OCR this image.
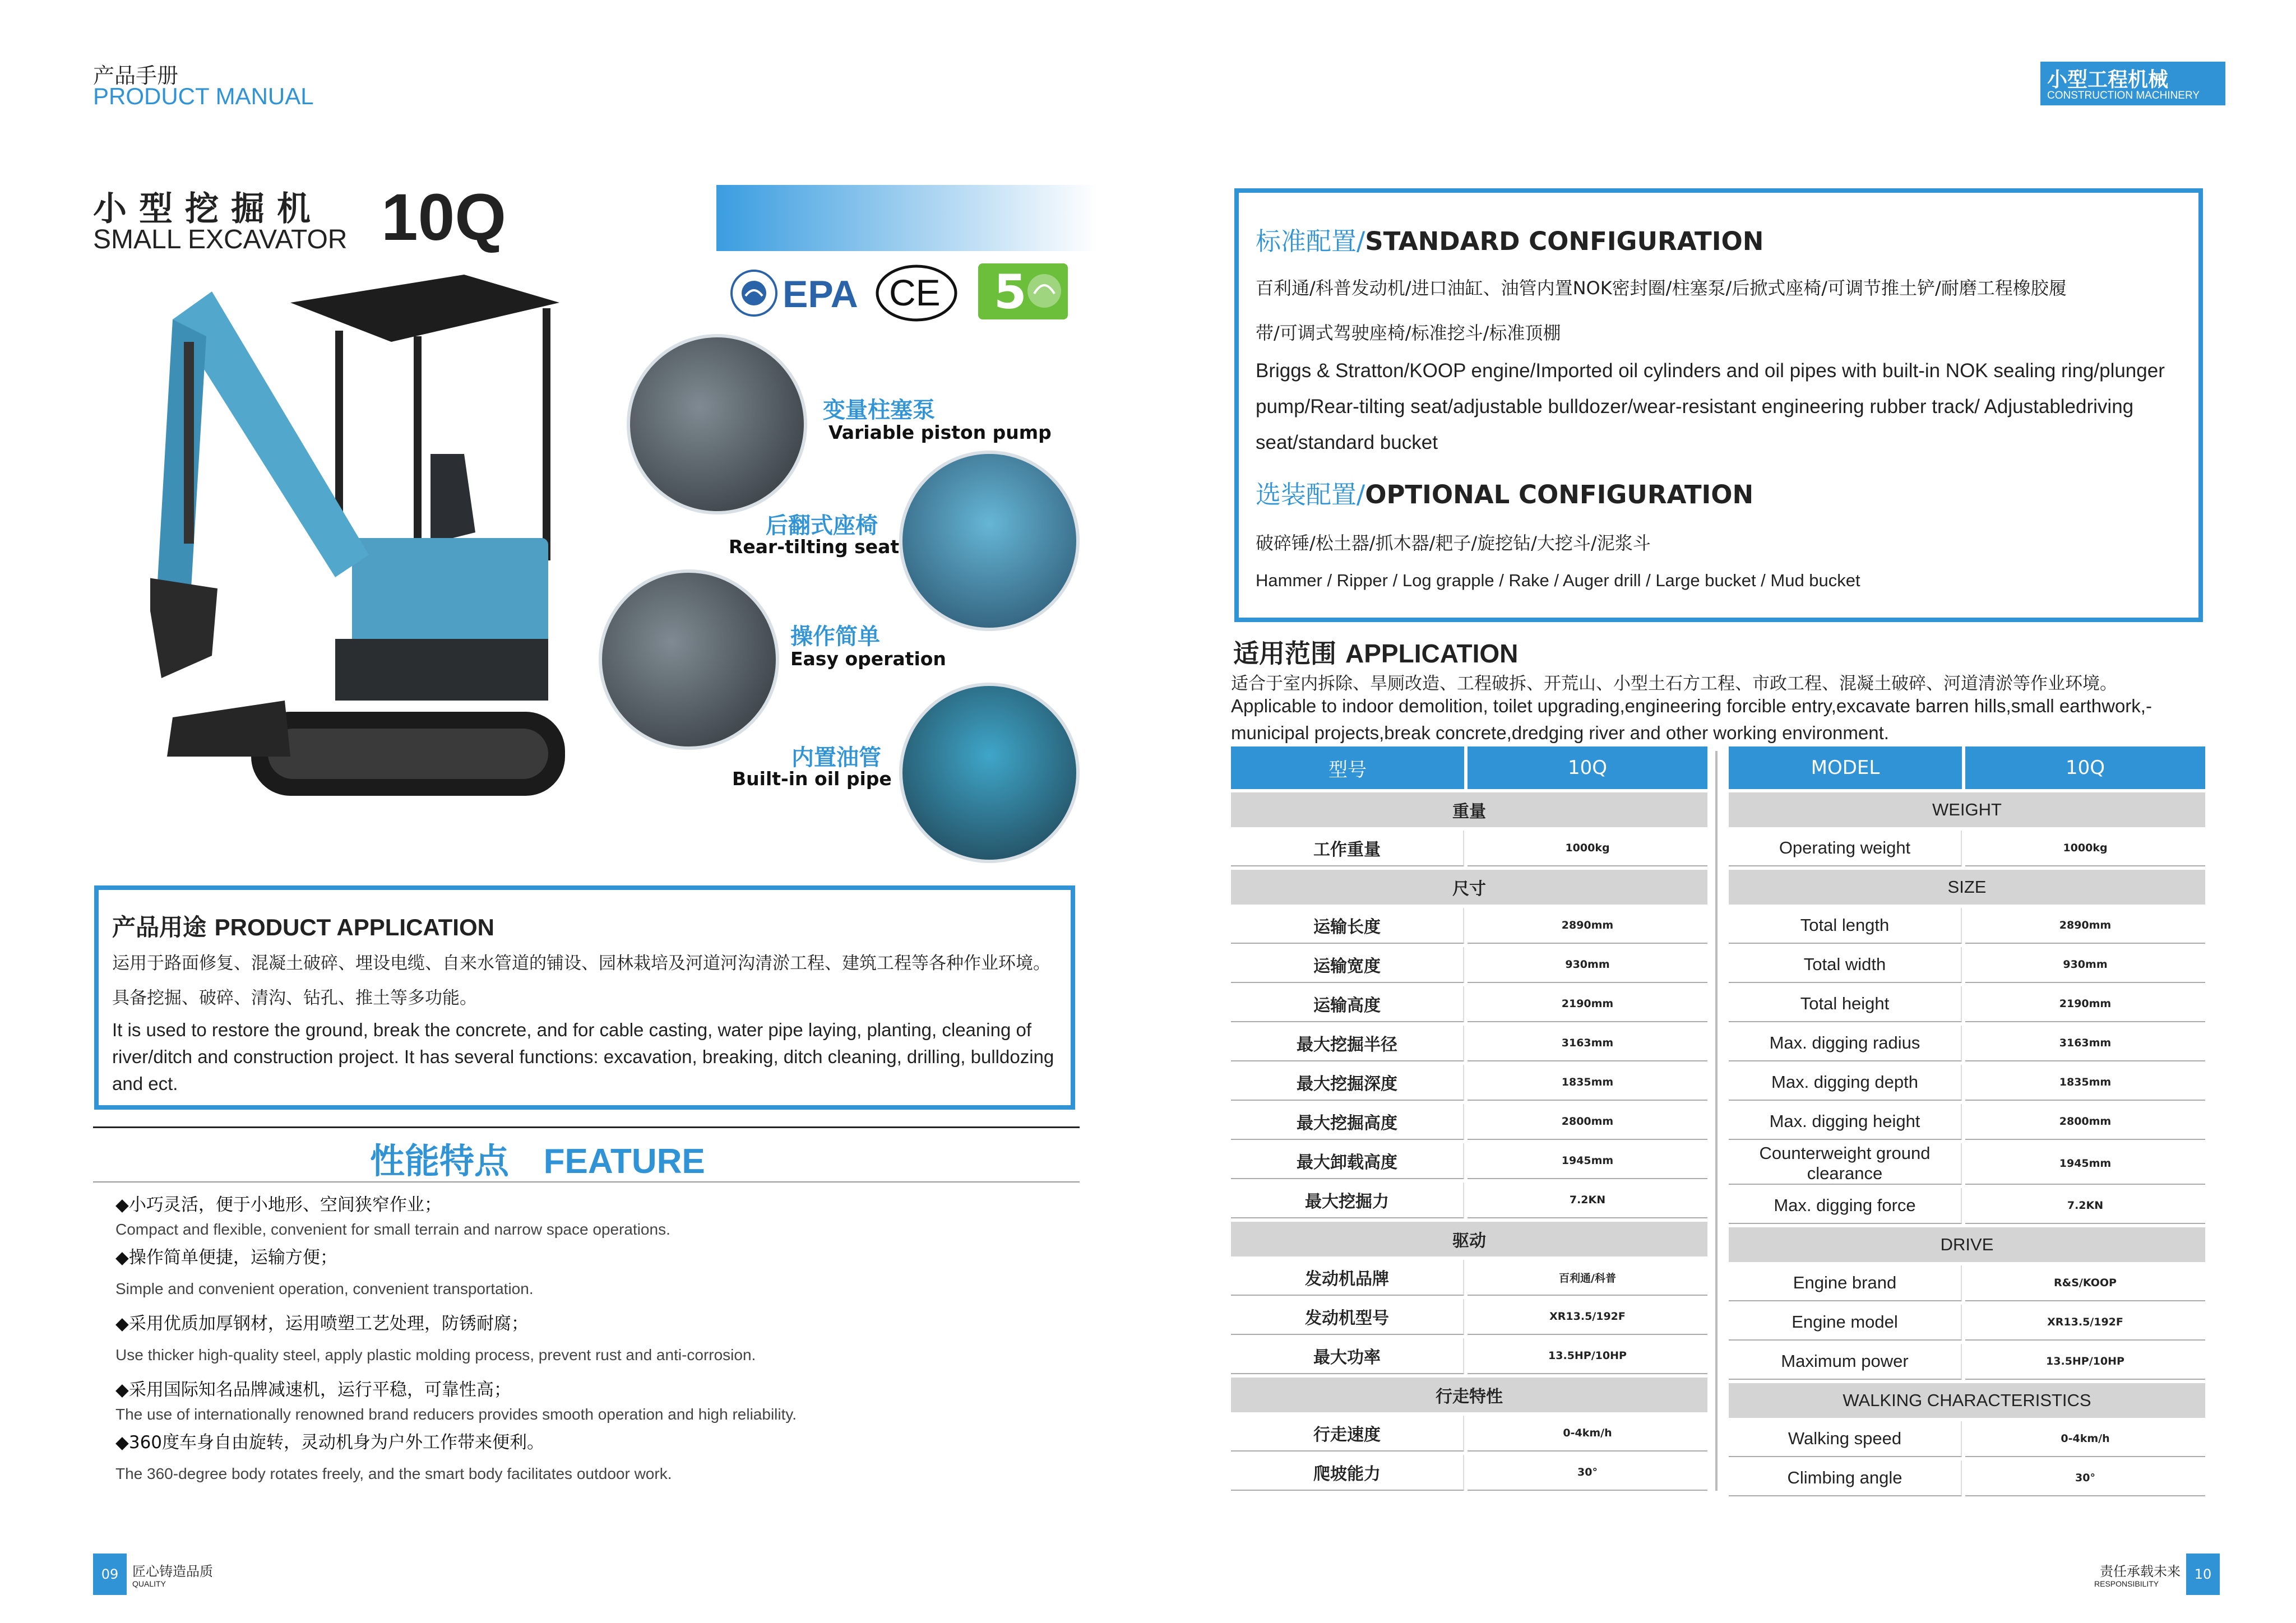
产品手册
PRODUCT MANUAL
小型工程机械
CONSTRUCTION MACHINERY
小型挖掘机
SMALL EXCAVATOR 10Q
EPA CE 5
变量柱塞泵
Variable piston pump
后翻式座椅
Rear-tilting seat
操作简单
Easy operation
内置油管
Built-in oil pipe
产品用途 PRODUCT APPLICATION
运用于路面修复、混凝土破碎、埋设电缆、自来水管道的铺设、园林栽培及河道河沟清淤工程、建筑工程等各种作业环境。具备挖掘、破碎、清沟、钻孔、推土等多功能。
It is used to restore the ground, break the concrete, and for cable casting, water pipe laying, planting, cleaning of river/ditch and construction project. It has several functions: excavation, breaking, ditch cleaning, drilling, bulldozing and ect.
性能特点 FEATURE
◆小巧灵活，便于小地形、空间狭窄作业；
Compact and flexible, convenient for small terrain and narrow space operations.
◆操作简单便捷，运输方便；
Simple and convenient operation, convenient transportation.
◆采用优质加厚钢材，运用喷塑工艺处理，防锈耐腐；
Use thicker high-quality steel, apply plastic molding process, prevent rust and anti-corrosion.
◆采用国际知名品牌减速机，运行平稳，可靠性高；
The use of internationally renowned brand reducers provides smooth operation and high reliability.
◆360度车身自由旋转，灵动机身为户外工作带来便利。
The 360-degree body rotates freely, and the smart body facilitates outdoor work.
09	匠心铸造品质
QUALITY
10
责任承载未来
RESPONSIBILITY
标准配置/STANDARD CONFIGURATION
百利通/科普发动机/进口油缸、油管内置NOK密封圈/柱塞泵/后掀式座椅/可调节推土铲/耐磨工程橡胶履
带/可调式驾驶座椅/标准挖斗/标准顶棚
Briggs & Stratton/KOOP engine/Imported oil cylinders and oil pipes with built-in NOK sealing ring/plunger pump/Rear-tilting seat/adjustable bulldozer/wear-resistant engineering rubber track/ Adjustabledriving seat/standard bucket
选装配置/OPTIONAL CONFIGURATION
破碎锤/松土器/抓木器/耙子/旋挖钻/大挖斗/泥浆斗
Hammer / Ripper / Log grapple / Rake / Auger drill / Large bucket / Mud bucket
适用范围 APPLICATION
适合于室内拆除、旱厕改造、工程破拆、开荒山、小型土石方工程、市政工程、混凝土破碎、河道清淤等作业环境。
Applicable to indoor demolition, toilet upgrading,engineering forcible entry,excavate barren hills,small earthwork,-municipal projects,break concrete,dredging river and other working environment.
型号	10Q
重量	
工作重量	1000kg
尺寸	
运输长度	2890mm
运输宽度	930mm
运输高度	2190mm
最大挖掘半径	3163mm
最大挖掘深度	1835mm
最大挖掘高度	2800mm
最大卸载高度	1945mm
最大挖掘力	7.2KN
驱动	
发动机品牌	百利通/科普
发动机型号	XR13.5/192F
最大功率	13.5HP/10HP
行走特性	
行走速度	0-4km/h
爬坡能力	30°
MODEL	10Q
WEIGHT	
Operating weight	1000kg
SIZE	
Total length	2890mm
Total width	930mm
Total height	2190mm
Max. digging radius	3163mm
Max. digging depth	1835mm
Max. digging height	2800mm
Counterweight ground clearance	1945mm
Max. digging force	7.2KN
DRIVE	
Engine brand	R&S/KOOP
Engine model	XR13.5/192F
Maximum power	13.5HP/10HP
WALKING CHARACTERISTICS	
Walking speed	0-4km/h
Climbing angle	30°
